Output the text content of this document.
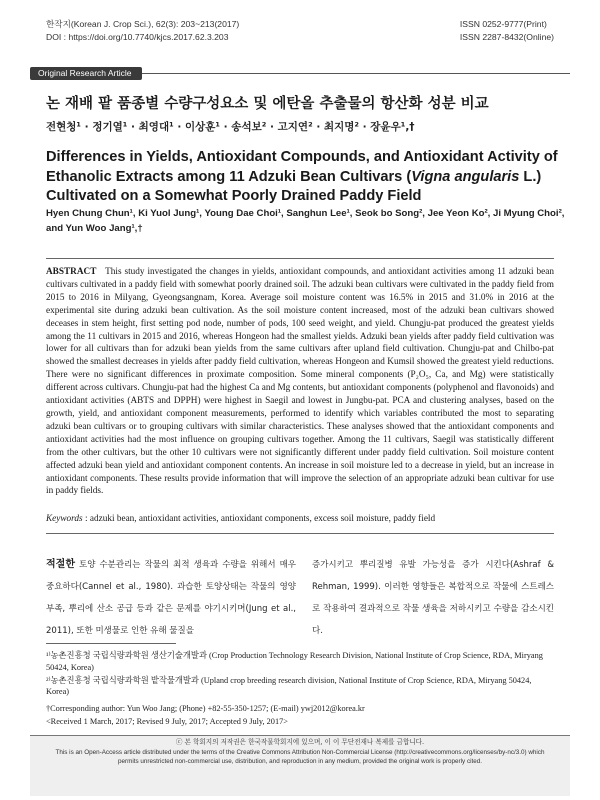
한작지(Korean J. Crop Sci.), 62(3): 203~213(2017)
DOI : https://doi.org/10.7740/kjcs.2017.62.3.203
ISSN 0252-9777(Print)
ISSN 2287-8432(Online)
Original Research Article
논 재배 팥 품종별 수량구성요소 및 에탄올 추출물의 항산화 성분 비교
전현청¹ · 정기열¹ · 최영대¹ · 이상훈¹ · 송석보² · 고지연² · 최지명² · 장윤우¹,†
Differences in Yields, Antioxidant Compounds, and Antioxidant Activity of Ethanolic Extracts among 11 Adzuki Bean Cultivars (Vigna angularis L.) Cultivated on a Somewhat Poorly Drained Paddy Field
Hyen Chung Chun¹, Ki Yuol Jung¹, Young Dae Choi¹, Sanghun Lee¹, Seok bo Song², Jee Yeon Ko², Ji Myung Choi², and Yun Woo Jang¹,†
ABSTRACT This study investigated the changes in yields, antioxidant compounds, and antioxidant activities among 11 adzuki bean cultivars cultivated in a paddy field with somewhat poorly drained soil. The adzuki bean cultivars were cultivated in the paddy field from 2015 to 2016 in Milyang, Gyeongsangnam, Korea. Average soil moisture content was 16.5% in 2015 and 31.0% in 2016 at the experimental site during adzuki bean cultivation. As the soil moisture content increased, most of the adzuki bean cultivars showed deceases in stem height, first setting pod node, number of pods, 100 seed weight, and yield. Chungju-pat produced the greatest yields among the 11 cultivars in 2015 and 2016, whereas Hongeon had the smallest yields. Adzuki bean yields after paddy field cultivation was lower for all cultivars than for adzuki bean yields from the same cultivars after upland field cultivation. Chungju-pat and Chilbo-pat showed the smallest decreases in yields after paddy field cultivation, whereas Hongeon and Kumsil showed the greatest yield reductions. There were no significant differences in proximate composition. Some mineral components (P₂O₅, Ca, and Mg) were statistically different across cultivars. Chungju-pat had the highest Ca and Mg contents, but antioxidant components (polyphenol and flavonoids) and antioxidant activities (ABTS and DPPH) were highest in Saegil and lowest in Jungbu-pat. PCA and clustering analyses, based on the growth, yield, and antioxidant component measurements, performed to identify which variables contributed the most to separating adzuki bean cultivars or to grouping cultivars with similar characteristics. These analyses showed that the antioxidant components and antioxidant activities had the most influence on grouping cultivars together. Among the 11 cultivars, Saegil was statistically different from the other cultivars, but the other 10 cultivars were not significantly different under paddy field cultivation. Soil moisture content affected adzuki bean yield and antioxidant component contents. An increase in soil moisture led to a decrease in yield, but an increase in antioxidant components. These results provide information that will improve the selection of an appropriate adzuki bean cultivar for use in paddy fields.
Keywords : adzuki bean, antioxidant activities, antioxidant components, excess soil moisture, paddy field
적절한 토양 수분관리는 작물의 최적 생육과 수량을 위해서 매우 중요하다(Cannel et al., 1980). 과습한 토양상태는 작물의 영양 부족, 뿌리에 산소 공급 등과 같은 문제를 야기시키며(Jung et al., 2011), 또한 미생물로 인한 유해 물질을
증가시키고 뿌리질병 유발 가능성을 증가 시킨다(Ashraf & Rehman, 1999). 이러한 영향들은 복합적으로 작물에 스트레스로 작용하여 결과적으로 작물 생육을 저하시키고 수량을 감소시킨다.

¹⁾농촌진흥청 국립식량과학원 생산기술개발과 (Crop Production Technology Research Division, National Institute of Crop Science, RDA, Miryang 50424, Korea)

²⁾농촌진흥청 국립식량과학원 밭작물개발과 (Upland crop breeding research division, National Institute of Crop Science, RDA, Miryang 50424, Korea)

†Corresponding author: Yun Woo Jang; (Phone) +82-55-350-1257; (E-mail) ywj2012@korea.kr

<Received 1 March, 2017; Revised 9 July, 2017; Accepted 9 July, 2017>

ⓒ 본 학회지의 저작권은 한국작물학회지에 있으며, 이 이 무단전재나 복제를 금합니다.
This is an Open-Access article distributed under the terms of the Creative Commons Attribution Non-Commercial License (http://creativecommons.org/licenses/by-nc/3.0) which permits unrestricted non-commercial use, distribution, and reproduction in any medium, provided the original work is properly cited.
